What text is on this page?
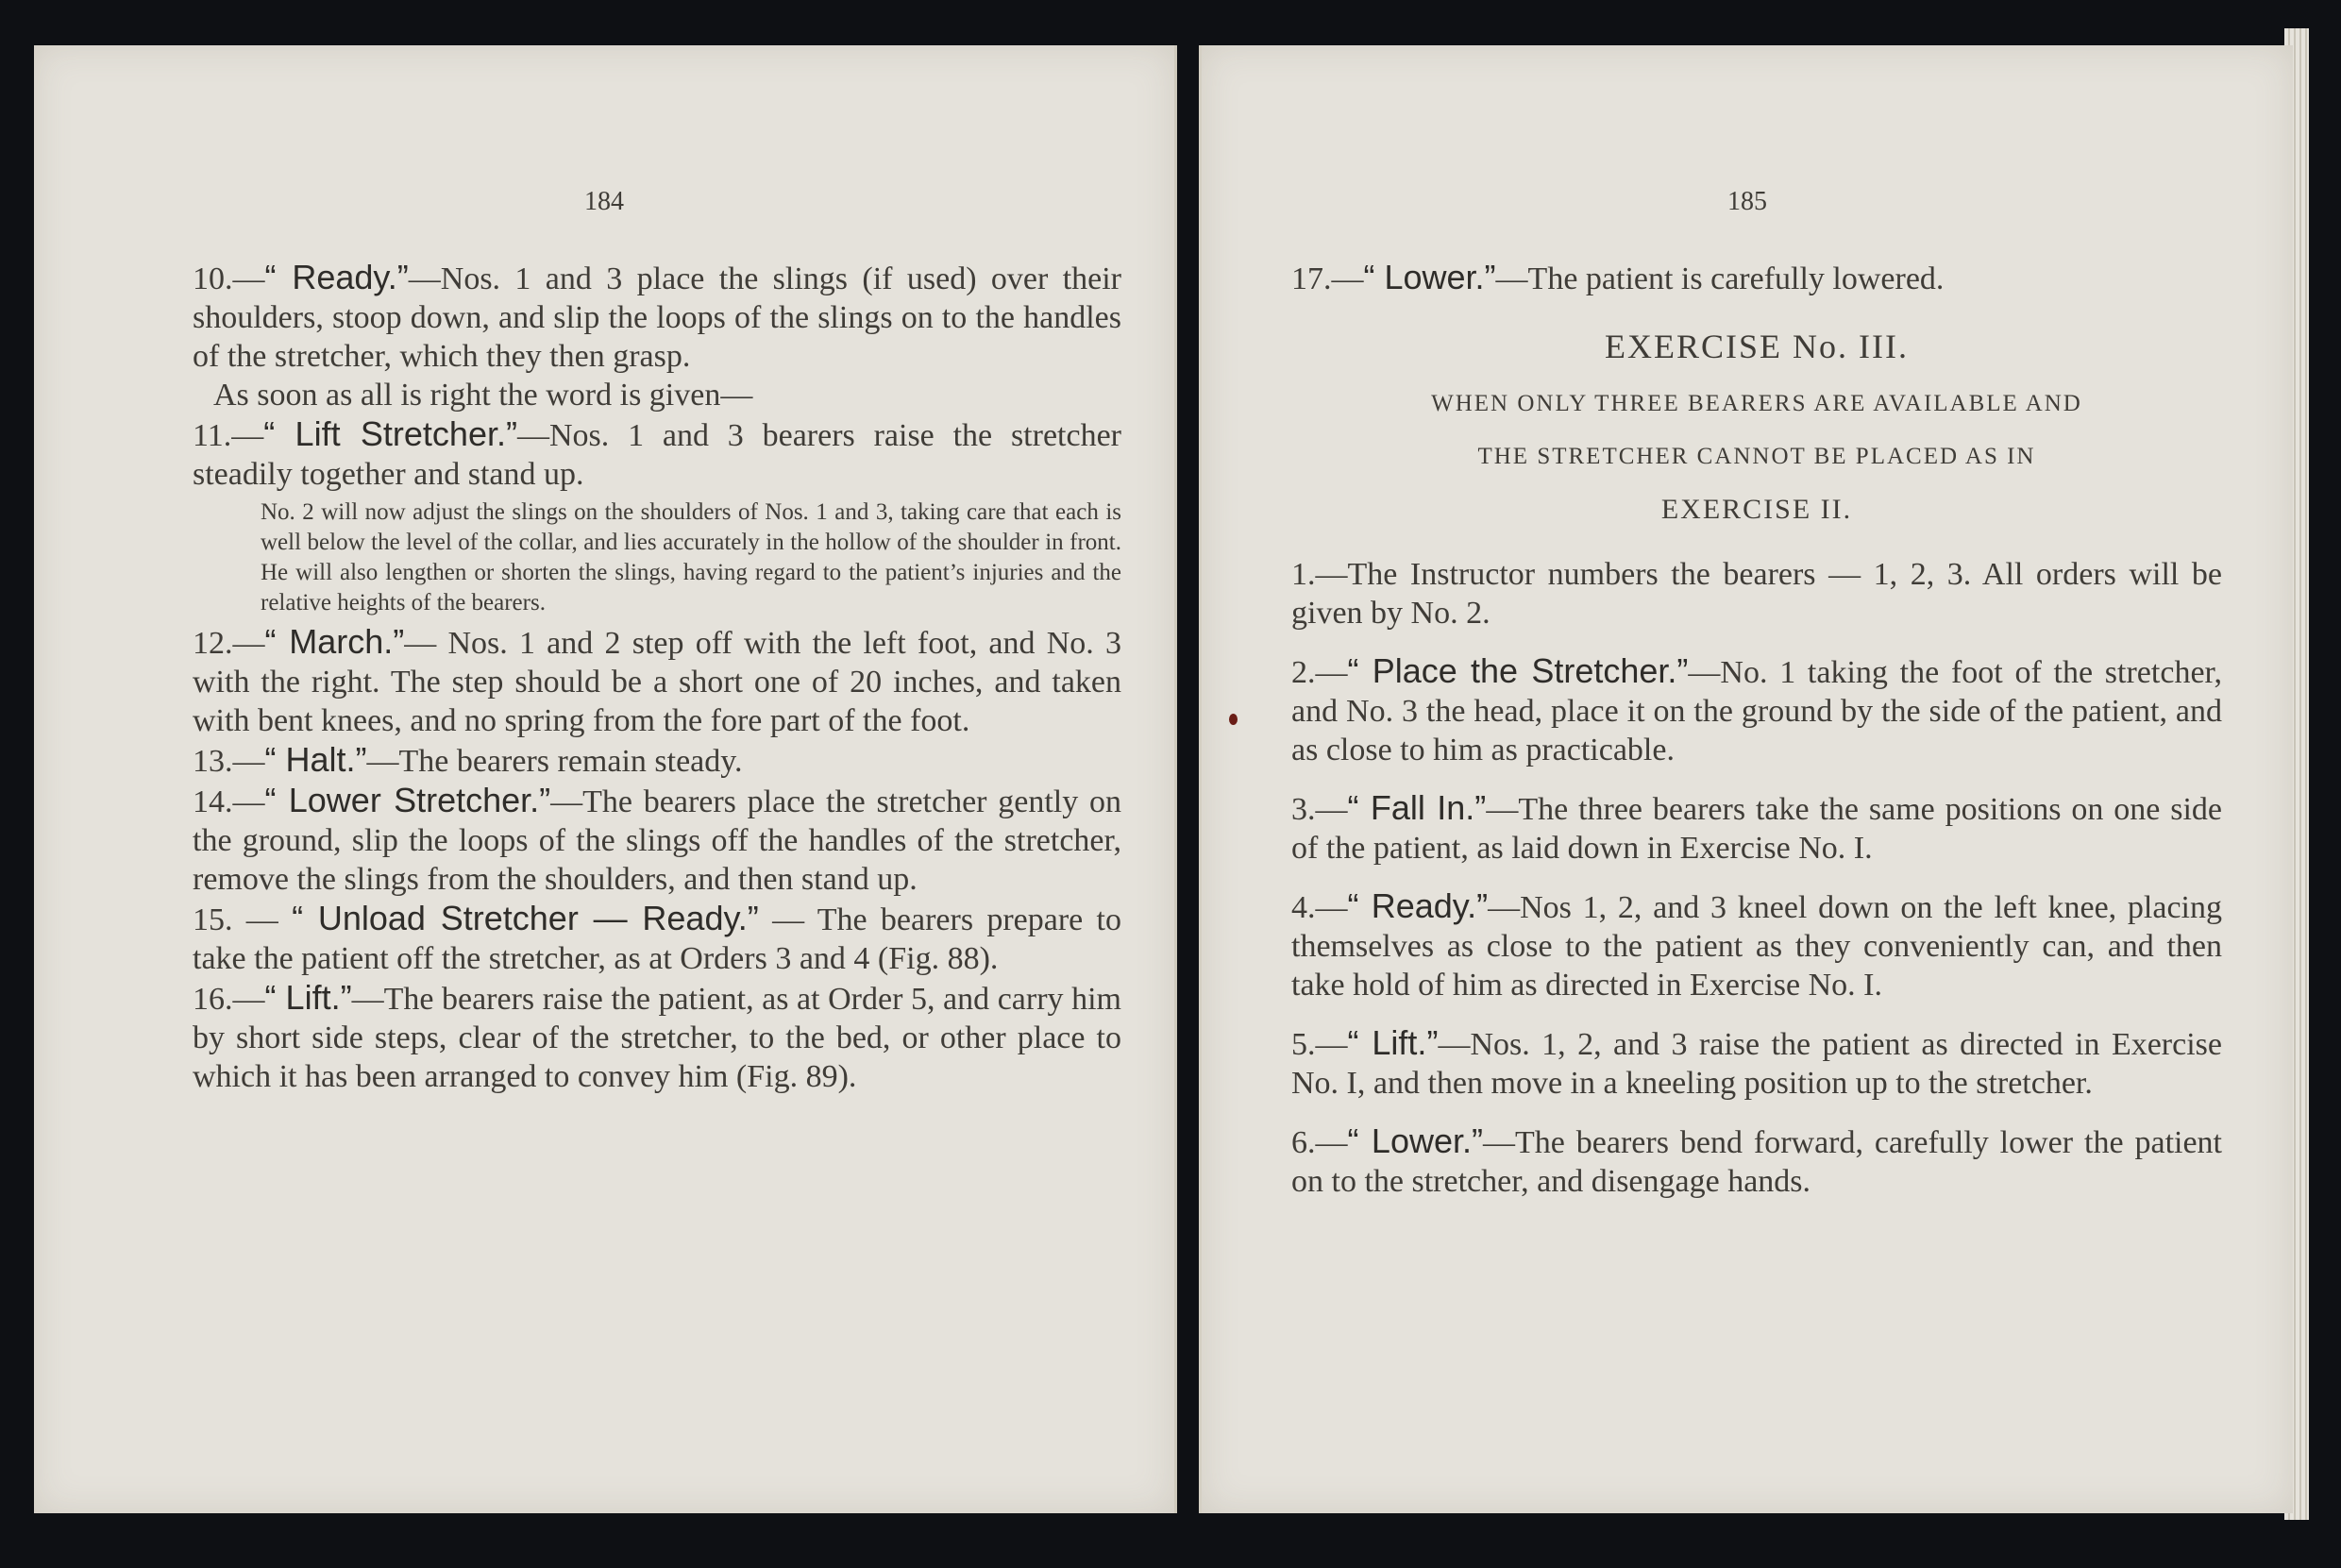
184

10.—“ Ready.”—Nos. 1 and 3 place the slings (if used) over their shoulders, stoop down, and slip the loops of the slings on to the handles of the stretcher, which they then grasp.

As soon as all is right the word is given—

11.—“ Lift Stretcher.”—Nos. 1 and 3 bearers raise the stretcher steadily together and stand up.

No. 2 will now adjust the slings on the shoulders of Nos. 1 and 3, taking care that each is well below the level of the collar, and lies accurately in the hollow of the shoulder in front. He will also lengthen or shorten the slings, having regard to the patient’s injuries and the relative heights of the bearers.

12.—“ March.”— Nos. 1 and 2 step off with the left foot, and No. 3 with the right. The step should be a short one of 20 inches, and taken with bent knees, and no spring from the fore part of the foot.

13.—“ Halt.”—The bearers remain steady.

14.—“ Lower Stretcher.”—The bearers place the stretcher gently on the ground, slip the loops of the slings off the handles of the stretcher, remove the slings from the shoulders, and then stand up.

15. — “ Unload Stretcher — Ready.” — The bearers prepare to take the patient off the stretcher, as at Orders 3 and 4 (Fig. 88).

16.—“ Lift.”—The bearers raise the patient, as at Order 5, and carry him by short side steps, clear of the stretcher, to the bed, or other place to which it has been arranged to convey him (Fig. 89).

185

17.—“ Lower.”—The patient is carefully lowered.

EXERCISE No. III.

WHEN ONLY THREE BEARERS ARE AVAILABLE AND

THE STRETCHER CANNOT BE PLACED AS IN

EXERCISE II.

1.—The Instructor numbers the bearers — 1, 2, 3. All orders will be given by No. 2.

2.—“ Place the Stretcher.”—No. 1 taking the foot of the stretcher, and No. 3 the head, place it on the ground by the side of the patient, and as close to him as practicable.

3.—“ Fall In.”—The three bearers take the same positions on one side of the patient, as laid down in Exercise No. I.

4.—“ Ready.”—Nos 1, 2, and 3 kneel down on the left knee, placing themselves as close to the patient as they conveniently can, and then take hold of him as directed in Exercise No. I.

5.—“ Lift.”—Nos. 1, 2, and 3 raise the patient as directed in Exercise No. I, and then move in a kneeling position up to the stretcher.

6.—“ Lower.”—The bearers bend forward, carefully lower the patient on to the stretcher, and disengage hands.
